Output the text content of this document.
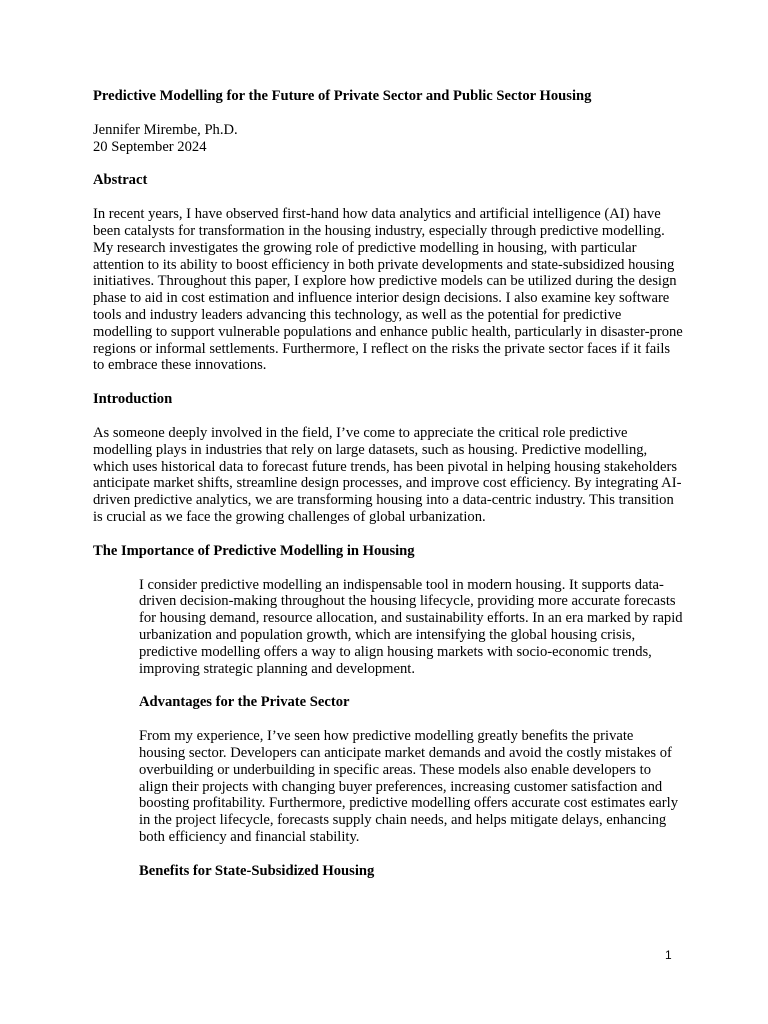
Predictive Modelling for the Future of Private Sector and Public Sector Housing

Jennifer Mirembe, Ph.D.

20 September 2024

Abstract

In recent years, I have observed first-hand how data analytics and artificial intelligence (AI) have been catalysts for transformation in the housing industry, especially through predictive modelling. My research investigates the growing role of predictive modelling in housing, with particular attention to its ability to boost efficiency in both private developments and state-subsidized housing initiatives. Throughout this paper, I explore how predictive models can be utilized during the design phase to aid in cost estimation and influence interior design decisions. I also examine key software tools and industry leaders advancing this technology, as well as the potential for predictive modelling to support vulnerable populations and enhance public health, particularly in disaster-prone regions or informal settlements. Furthermore, I reflect on the risks the private sector faces if it fails to embrace these innovations.

Introduction

As someone deeply involved in the field, I’ve come to appreciate the critical role predictive modelling plays in industries that rely on large datasets, such as housing. Predictive modelling, which uses historical data to forecast future trends, has been pivotal in helping housing stakeholders anticipate market shifts, streamline design processes, and improve cost efficiency. By integrating AI-driven predictive analytics, we are transforming housing into a data-centric industry. This transition is crucial as we face the growing challenges of global urbanization.

The Importance of Predictive Modelling in Housing

I consider predictive modelling an indispensable tool in modern housing. It supports data-driven decision-making throughout the housing lifecycle, providing more accurate forecasts for housing demand, resource allocation, and sustainability efforts. In an era marked by rapid urbanization and population growth, which are intensifying the global housing crisis, predictive modelling offers a way to align housing markets with socio-economic trends, improving strategic planning and development.

Advantages for the Private Sector

From my experience, I’ve seen how predictive modelling greatly benefits the private housing sector. Developers can anticipate market demands and avoid the costly mistakes of overbuilding or underbuilding in specific areas. These models also enable developers to align their projects with changing buyer preferences, increasing customer satisfaction and boosting profitability. Furthermore, predictive modelling offers accurate cost estimates early in the project lifecycle, forecasts supply chain needs, and helps mitigate delays, enhancing both efficiency and financial stability.

Benefits for State-Subsidized Housing

1
